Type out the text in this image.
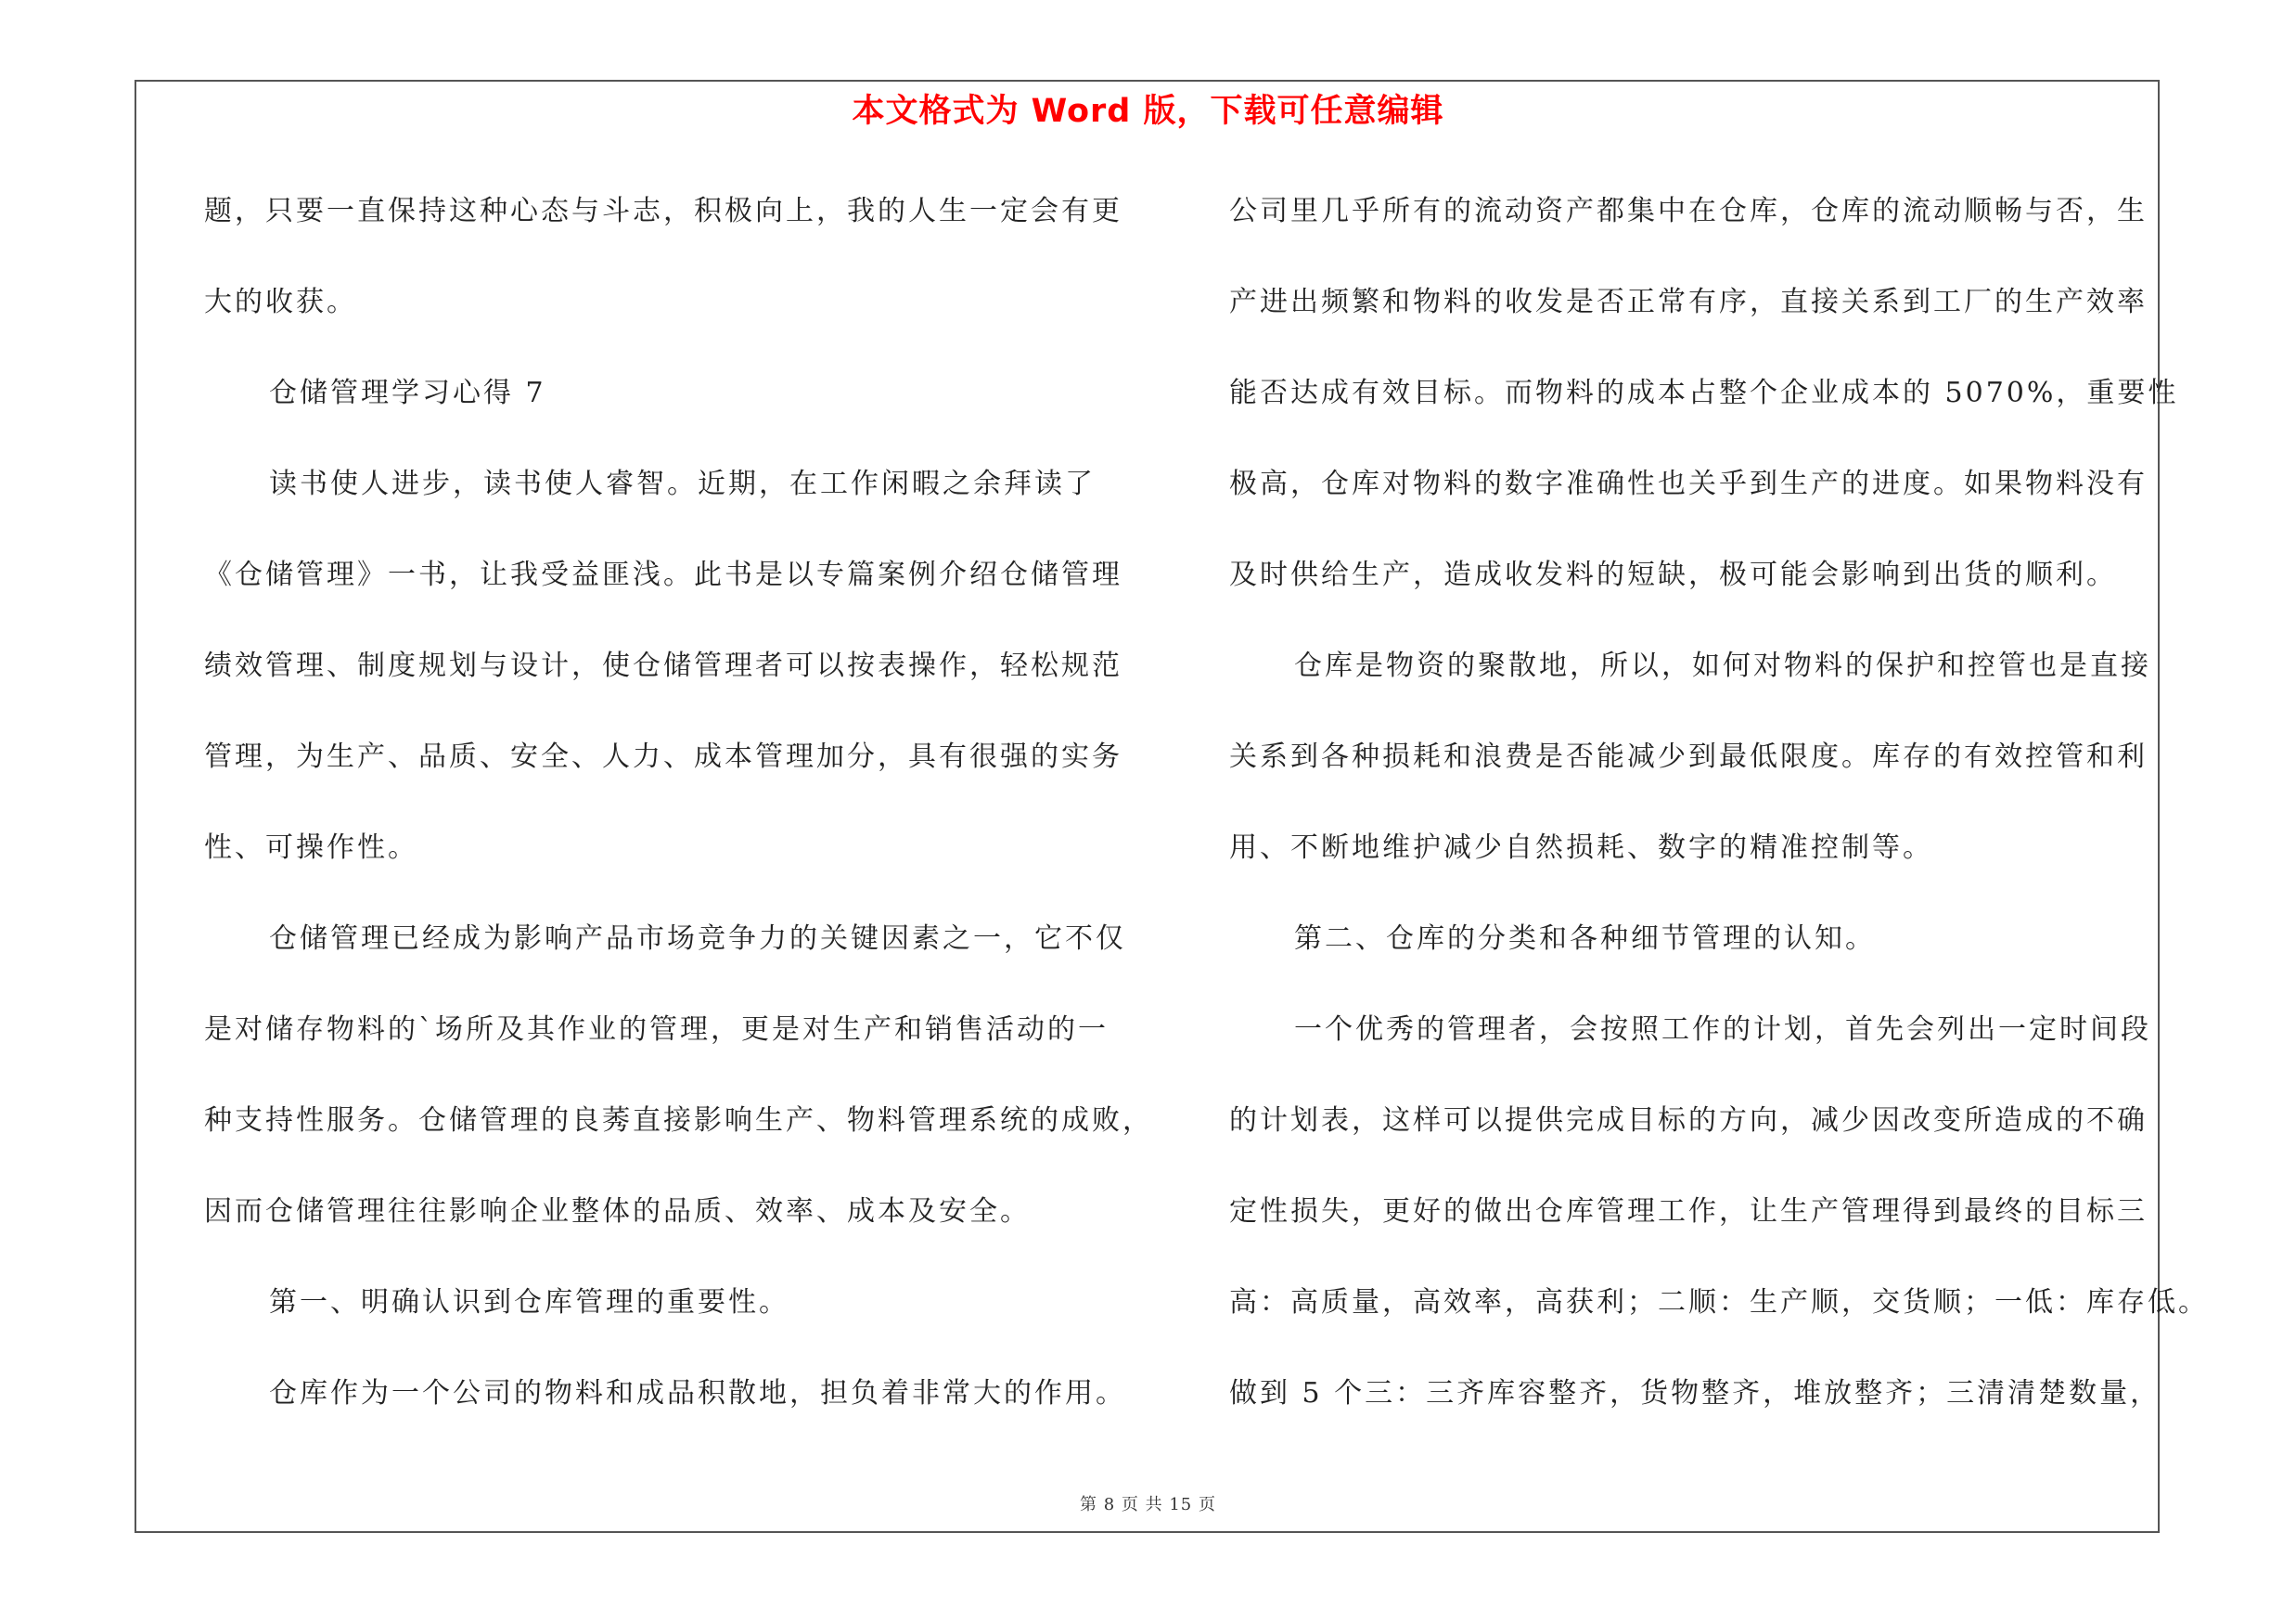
本文格式为 Word 版，下载可任意编辑
题，只要一直保持这种心态与斗志，积极向上，我的人生一定会有更
大的收获。
仓储管理学习心得 7
读书使人进步，读书使人睿智。近期，在工作闲暇之余拜读了
《仓储管理》一书，让我受益匪浅。此书是以专篇案例介绍仓储管理
绩效管理、制度规划与设计，使仓储管理者可以按表操作，轻松规范
管理，为生产、品质、安全、人力、成本管理加分，具有很强的实务
性、可操作性。
仓储管理已经成为影响产品市场竞争力的关键因素之一，它不仅
是对储存物料的`场所及其作业的管理，更是对生产和销售活动的一
种支持性服务。仓储管理的良莠直接影响生产、物料管理系统的成败，
因而仓储管理往往影响企业整体的品质、效率、成本及安全。
第一、明确认识到仓库管理的重要性。
仓库作为一个公司的物料和成品积散地，担负着非常大的作用。
公司里几乎所有的流动资产都集中在仓库，仓库的流动顺畅与否，生
产进出频繁和物料的收发是否正常有序，直接关系到工厂的生产效率
能否达成有效目标。而物料的成本占整个企业成本的 5070%，重要性
极高，仓库对物料的数字准确性也关乎到生产的进度。如果物料没有
及时供给生产，造成收发料的短缺，极可能会影响到出货的顺利。
仓库是物资的聚散地，所以，如何对物料的保护和控管也是直接
关系到各种损耗和浪费是否能减少到最低限度。库存的有效控管和利
用、不断地维护减少自然损耗、数字的精准控制等。
第二、仓库的分类和各种细节管理的认知。
一个优秀的管理者，会按照工作的计划，首先会列出一定时间段
的计划表，这样可以提供完成目标的方向，减少因改变所造成的不确
定性损失，更好的做出仓库管理工作，让生产管理得到最终的目标三
高：高质量，高效率，高获利；二顺：生产顺，交货顺；一低：库存低。
做到 5 个三：三齐库容整齐，货物整齐，堆放整齐；三清清楚数量，
第 8 页 共 15 页
